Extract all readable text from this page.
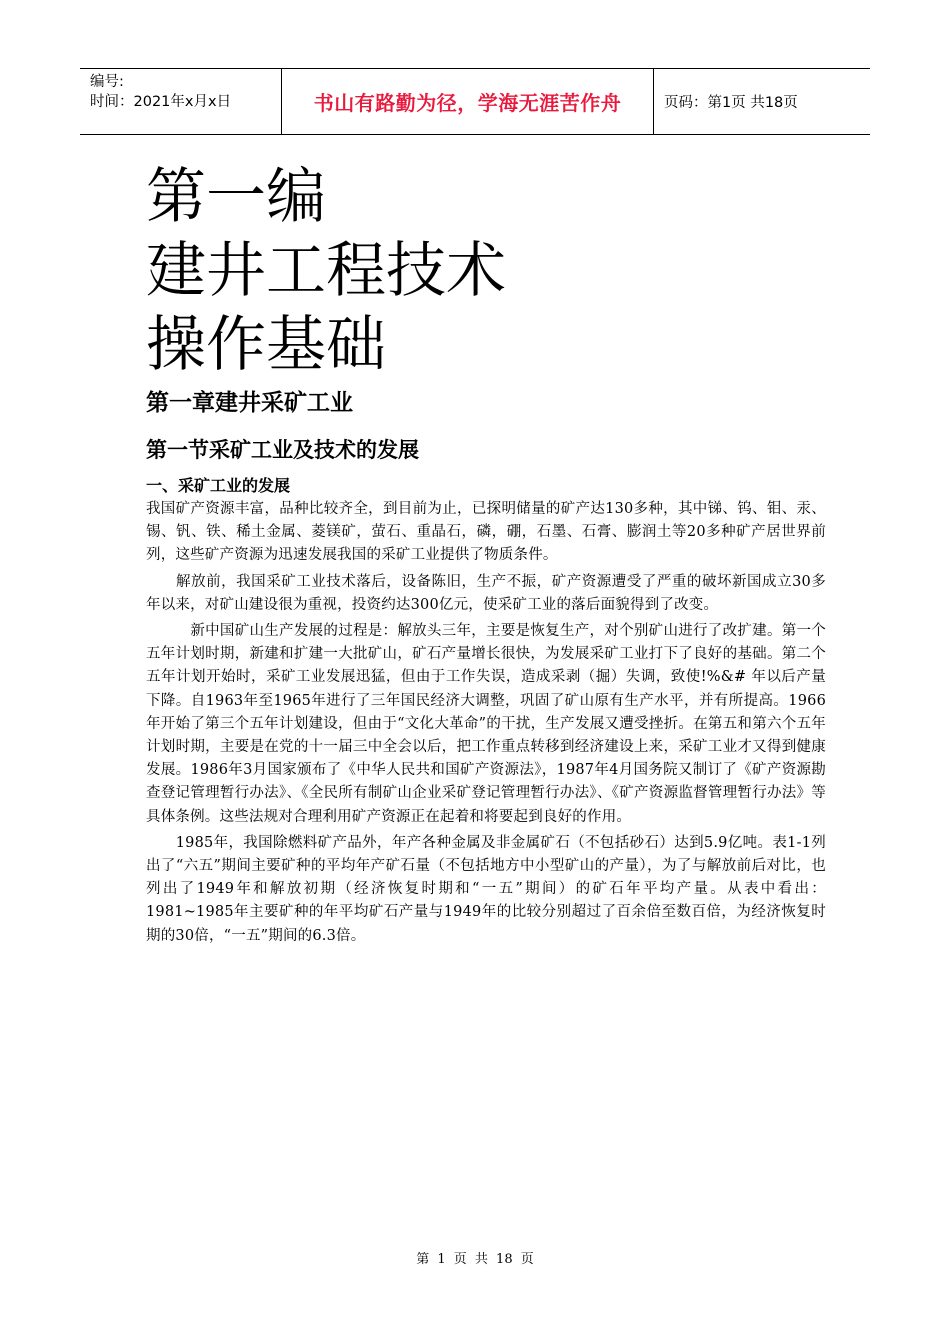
编号:
时间：2021年x月x日	书山有路勤为径，学海无涯苦作舟	页码：第1页 共18页
第一编
建井工程技术
操作基础
第一章建井采矿工业
第一节采矿工业及技术的发展
一、采矿工业的发展

我国矿产资源丰富，品种比较齐全，到目前为止，已探明储量的矿产达130多种，其中锑、钨、钼、汞、锡、钒、铁、稀土金属、菱镁矿，萤石、重晶石，磷，硼，石墨、石膏、膨润土等20多种矿产居世界前列，这些矿产资源为迅速发展我国的采矿工业提供了物质条件。

　　解放前，我国采矿工业技术落后，设备陈旧，生产不振，矿产资源遭受了严重的破坏新国成立30多年以来，对矿山建设很为重视，投资约达300亿元，使采矿工业的落后面貌得到了改变。

　　　新中国矿山生产发展的过程是：解放头三年，主要是恢复生产，对个别矿山进行了改扩建。第一个五年计划时期，新建和扩建一大批矿山，矿石产量增长很快，为发展采矿工业打下了良好的基础。第二个五年计划开始时，采矿工业发展迅猛，但由于工作失误，造成采剥（掘）失调，致使!%&# 年以后产量下降。自1963年至1965年进行了三年国民经济大调整，巩固了矿山原有生产水平，并有所提高。1966年开始了第三个五年计划建设，但由于“文化大革命”的干扰，生产发展又遭受挫折。在第五和第六个五年计划时期，主要是在党的十一届三中全会以后，把工作重点转移到经济建设上来，采矿工业才又得到健康发展。1986年3月国家颁布了《中华人民共和国矿产资源法》，1987年4月国务院又制订了《矿产资源勘查登记管理暂行办法》、《全民所有制矿山企业采矿登记管理暂行办法》、《矿产资源监督管理暂行办法》等具体条例。这些法规对合理利用矿产资源正在起着和将要起到良好的作用。

　　1985年，我国除燃料矿产品外，年产各种金属及非金属矿石（不包括砂石）达到5.9亿吨。表1-1列出了“六五”期间主要矿种的平均年产矿石量（不包括地方中小型矿山的产量），为了与解放前后对比，也列出了1949年和解放初期（经济恢复时期和“一五”期间）的矿石年平均产量。从表中看出：1981~1985年主要矿种的年平均矿石产量与1949年的比较分别超过了百余倍至数百倍，为经济恢复时期的30倍，“一五”期间的6.3倍。

第 1 页 共 18 页
